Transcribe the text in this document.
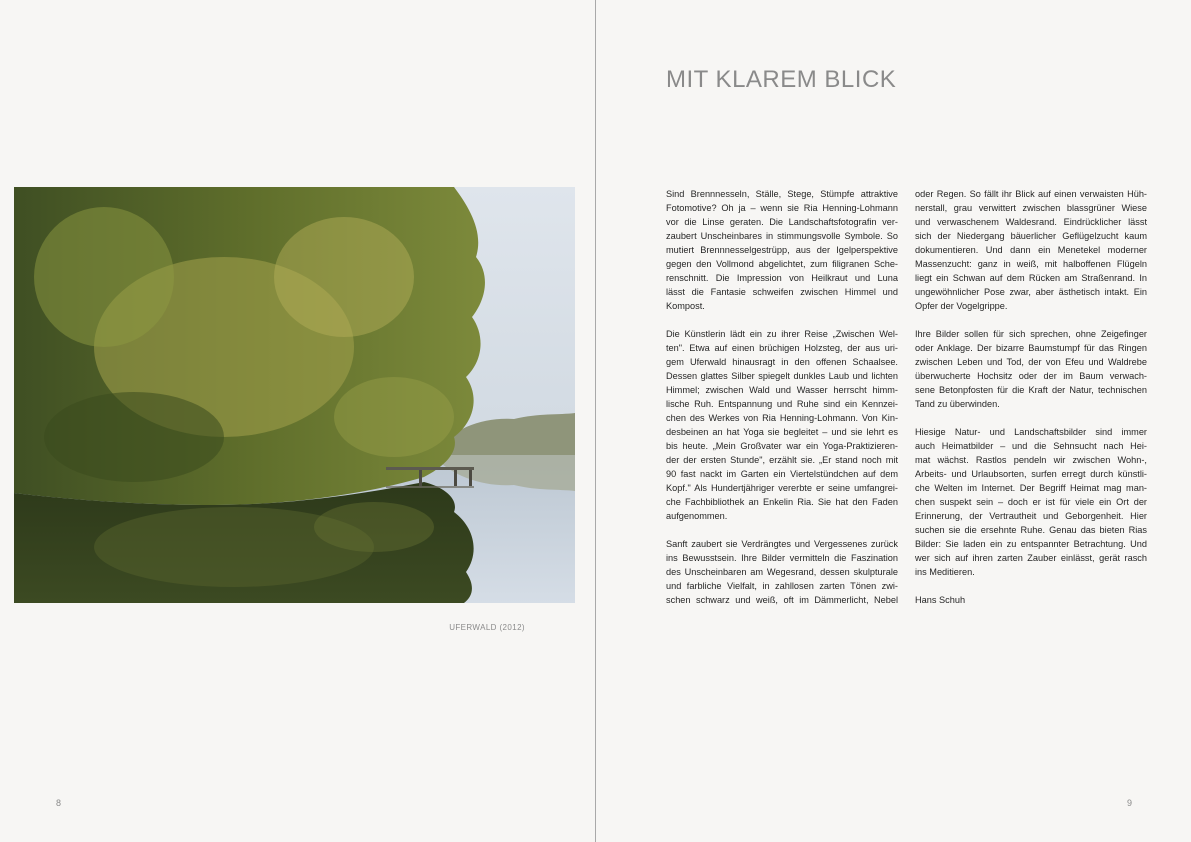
UFERWALD (2012)
8
MIT KLAREM BLICK

Sind Brennnesseln, Ställe, Stege, Stümpfe attraktive
Fotomotive? Oh ja – wenn sie Ria Henning-Lohmann
vor die Linse geraten. Die Landschaftsfotografin ver-
zaubert Unscheinbares in stimmungsvolle Symbole. So
mutiert Brennnesselgestrüpp, aus der Igelperspektive
gegen den Vollmond abgelichtet, zum filigranen Sche-
renschnitt. Die Impression von Heilkraut und Luna
lässt die Fantasie schweifen zwischen Himmel und
Kompost.

Die Künstlerin lädt ein zu ihrer Reise „Zwischen Wel-
ten". Etwa auf einen brüchigen Holzsteg, der aus uri-
gem Uferwald hinausragt in den offenen Schaalsee.
Dessen glattes Silber spiegelt dunkles Laub und lichten
Himmel; zwischen Wald und Wasser herrscht himm-
lische Ruh. Entspannung und Ruhe sind ein Kennzei-
chen des Werkes von Ria Henning-Lohmann. Von Kin-
desbeinen an hat Yoga sie begleitet – und sie lehrt es
bis heute. „Mein Großvater war ein Yoga-Praktizieren-
der der ersten Stunde", erzählt sie. „Er stand noch mit
90 fast nackt im Garten ein Viertelstündchen auf dem
Kopf." Als Hundertjähriger vererbte er seine umfangrei-
che Fachbibliothek an Enkelin Ria. Sie hat den Faden
aufgenommen.

Sanft zaubert sie Verdrängtes und Vergessenes zurück
ins Bewusstsein. Ihre Bilder vermitteln die Faszination
des Unscheinbaren am Wegesrand, dessen skulpturale
und farbliche Vielfalt, in zahllosen zarten Tönen zwi-
schen schwarz und weiß, oft im Dämmerlicht, Nebel

oder Regen. So fällt ihr Blick auf einen verwaisten Hüh-
nerstall, grau verwittert zwischen blassgrüner Wiese
und verwaschenem Waldesrand. Eindrücklicher lässt
sich der Niedergang bäuerlicher Geflügelzucht kaum
dokumentieren. Und dann ein Menetekel moderner
Massenzucht: ganz in weiß, mit halboffenen Flügeln
liegt ein Schwan auf dem Rücken am Straßenrand. In
ungewöhnlicher Pose zwar, aber ästhetisch intakt. Ein
Opfer der Vogelgrippe.

Ihre Bilder sollen für sich sprechen, ohne Zeigefinger
oder Anklage. Der bizarre Baumstumpf für das Ringen
zwischen Leben und Tod, der von Efeu und Waldrebe
überwucherte Hochsitz oder der im Baum verwach-
sene Betonpfosten für die Kraft der Natur, technischen
Tand zu überwinden.

Hiesige Natur- und Landschaftsbilder sind immer
auch Heimatbilder – und die Sehnsucht nach Hei-
mat wächst. Rastlos pendeln wir zwischen Wohn-,
Arbeits- und Urlaubsorten, surfen erregt durch künstli-
che Welten im Internet. Der Begriff Heimat mag man-
chen suspekt sein – doch er ist für viele ein Ort der
Erinnerung, der Vertrautheit und Geborgenheit. Hier
suchen sie die ersehnte Ruhe. Genau das bieten Rias
Bilder: Sie laden ein zu entspannter Betrachtung. Und
wer sich auf ihren zarten Zauber einlässt, gerät rasch
ins Meditieren.

Hans Schuh

9
